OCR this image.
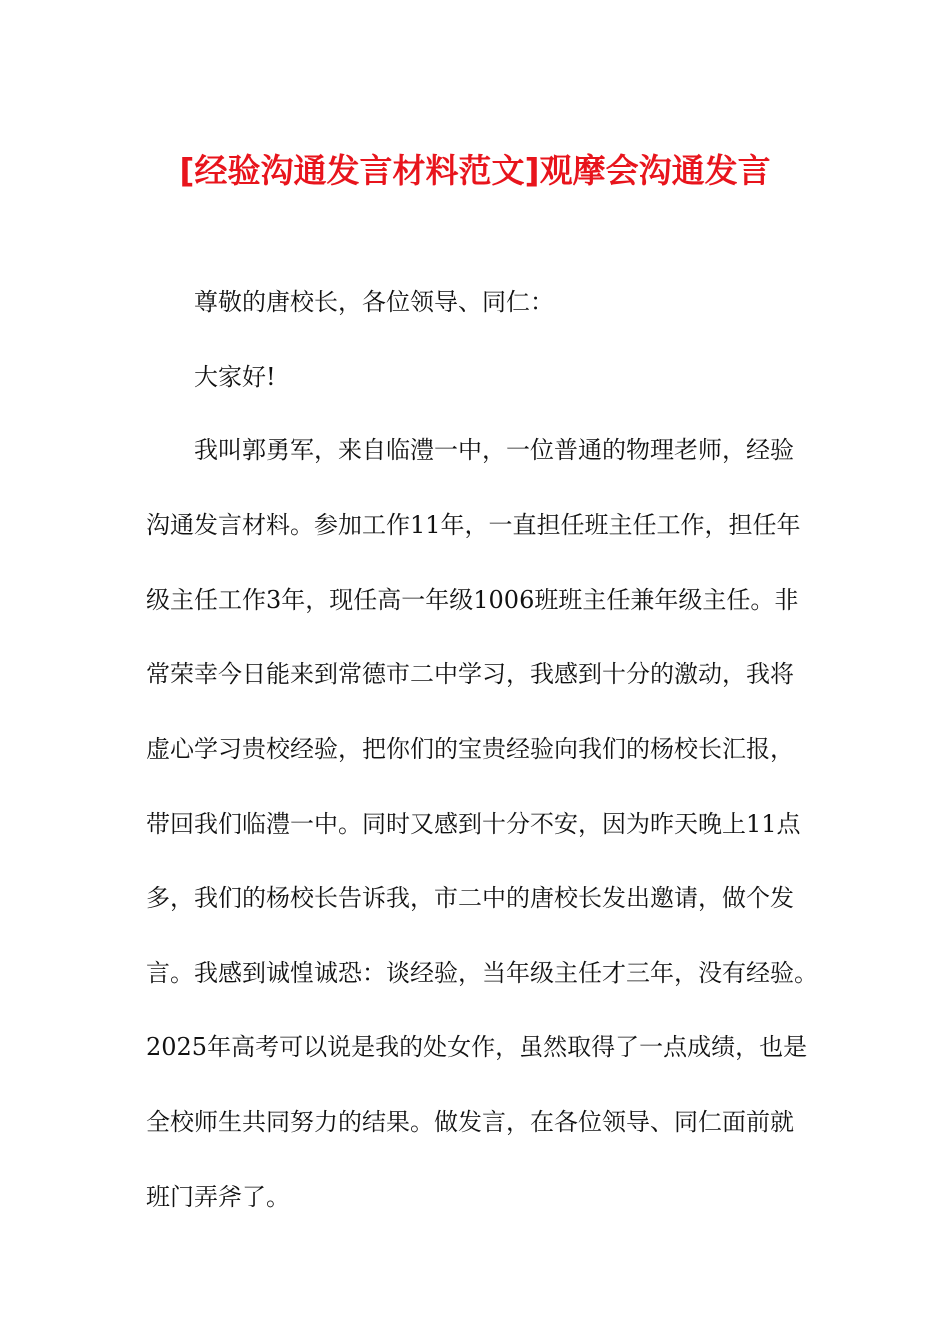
[经验沟通发言材料范文]观摩会沟通发言
尊敬的唐校长，各位领导、同仁：
大家好!
我叫郭勇军，来自临澧一中，一位普通的物理老师，经验
沟通发言材料。参加工作11年，一直担任班主任工作，担任年
级主任工作3年，现任高一年级1006班班主任兼年级主任。非
常荣幸今日能来到常德市二中学习，我感到十分的激动，我将
虚心学习贵校经验，把你们的宝贵经验向我们的杨校长汇报，
带回我们临澧一中。同时又感到十分不安，因为昨天晚上11点
多，我们的杨校长告诉我，市二中的唐校长发出邀请，做个发
言。我感到诚惶诚恐：谈经验，当年级主任才三年，没有经验。
2025年高考可以说是我的处女作，虽然取得了一点成绩，也是
全校师生共同努力的结果。做发言，在各位领导、同仁面前就
班门弄斧了。
